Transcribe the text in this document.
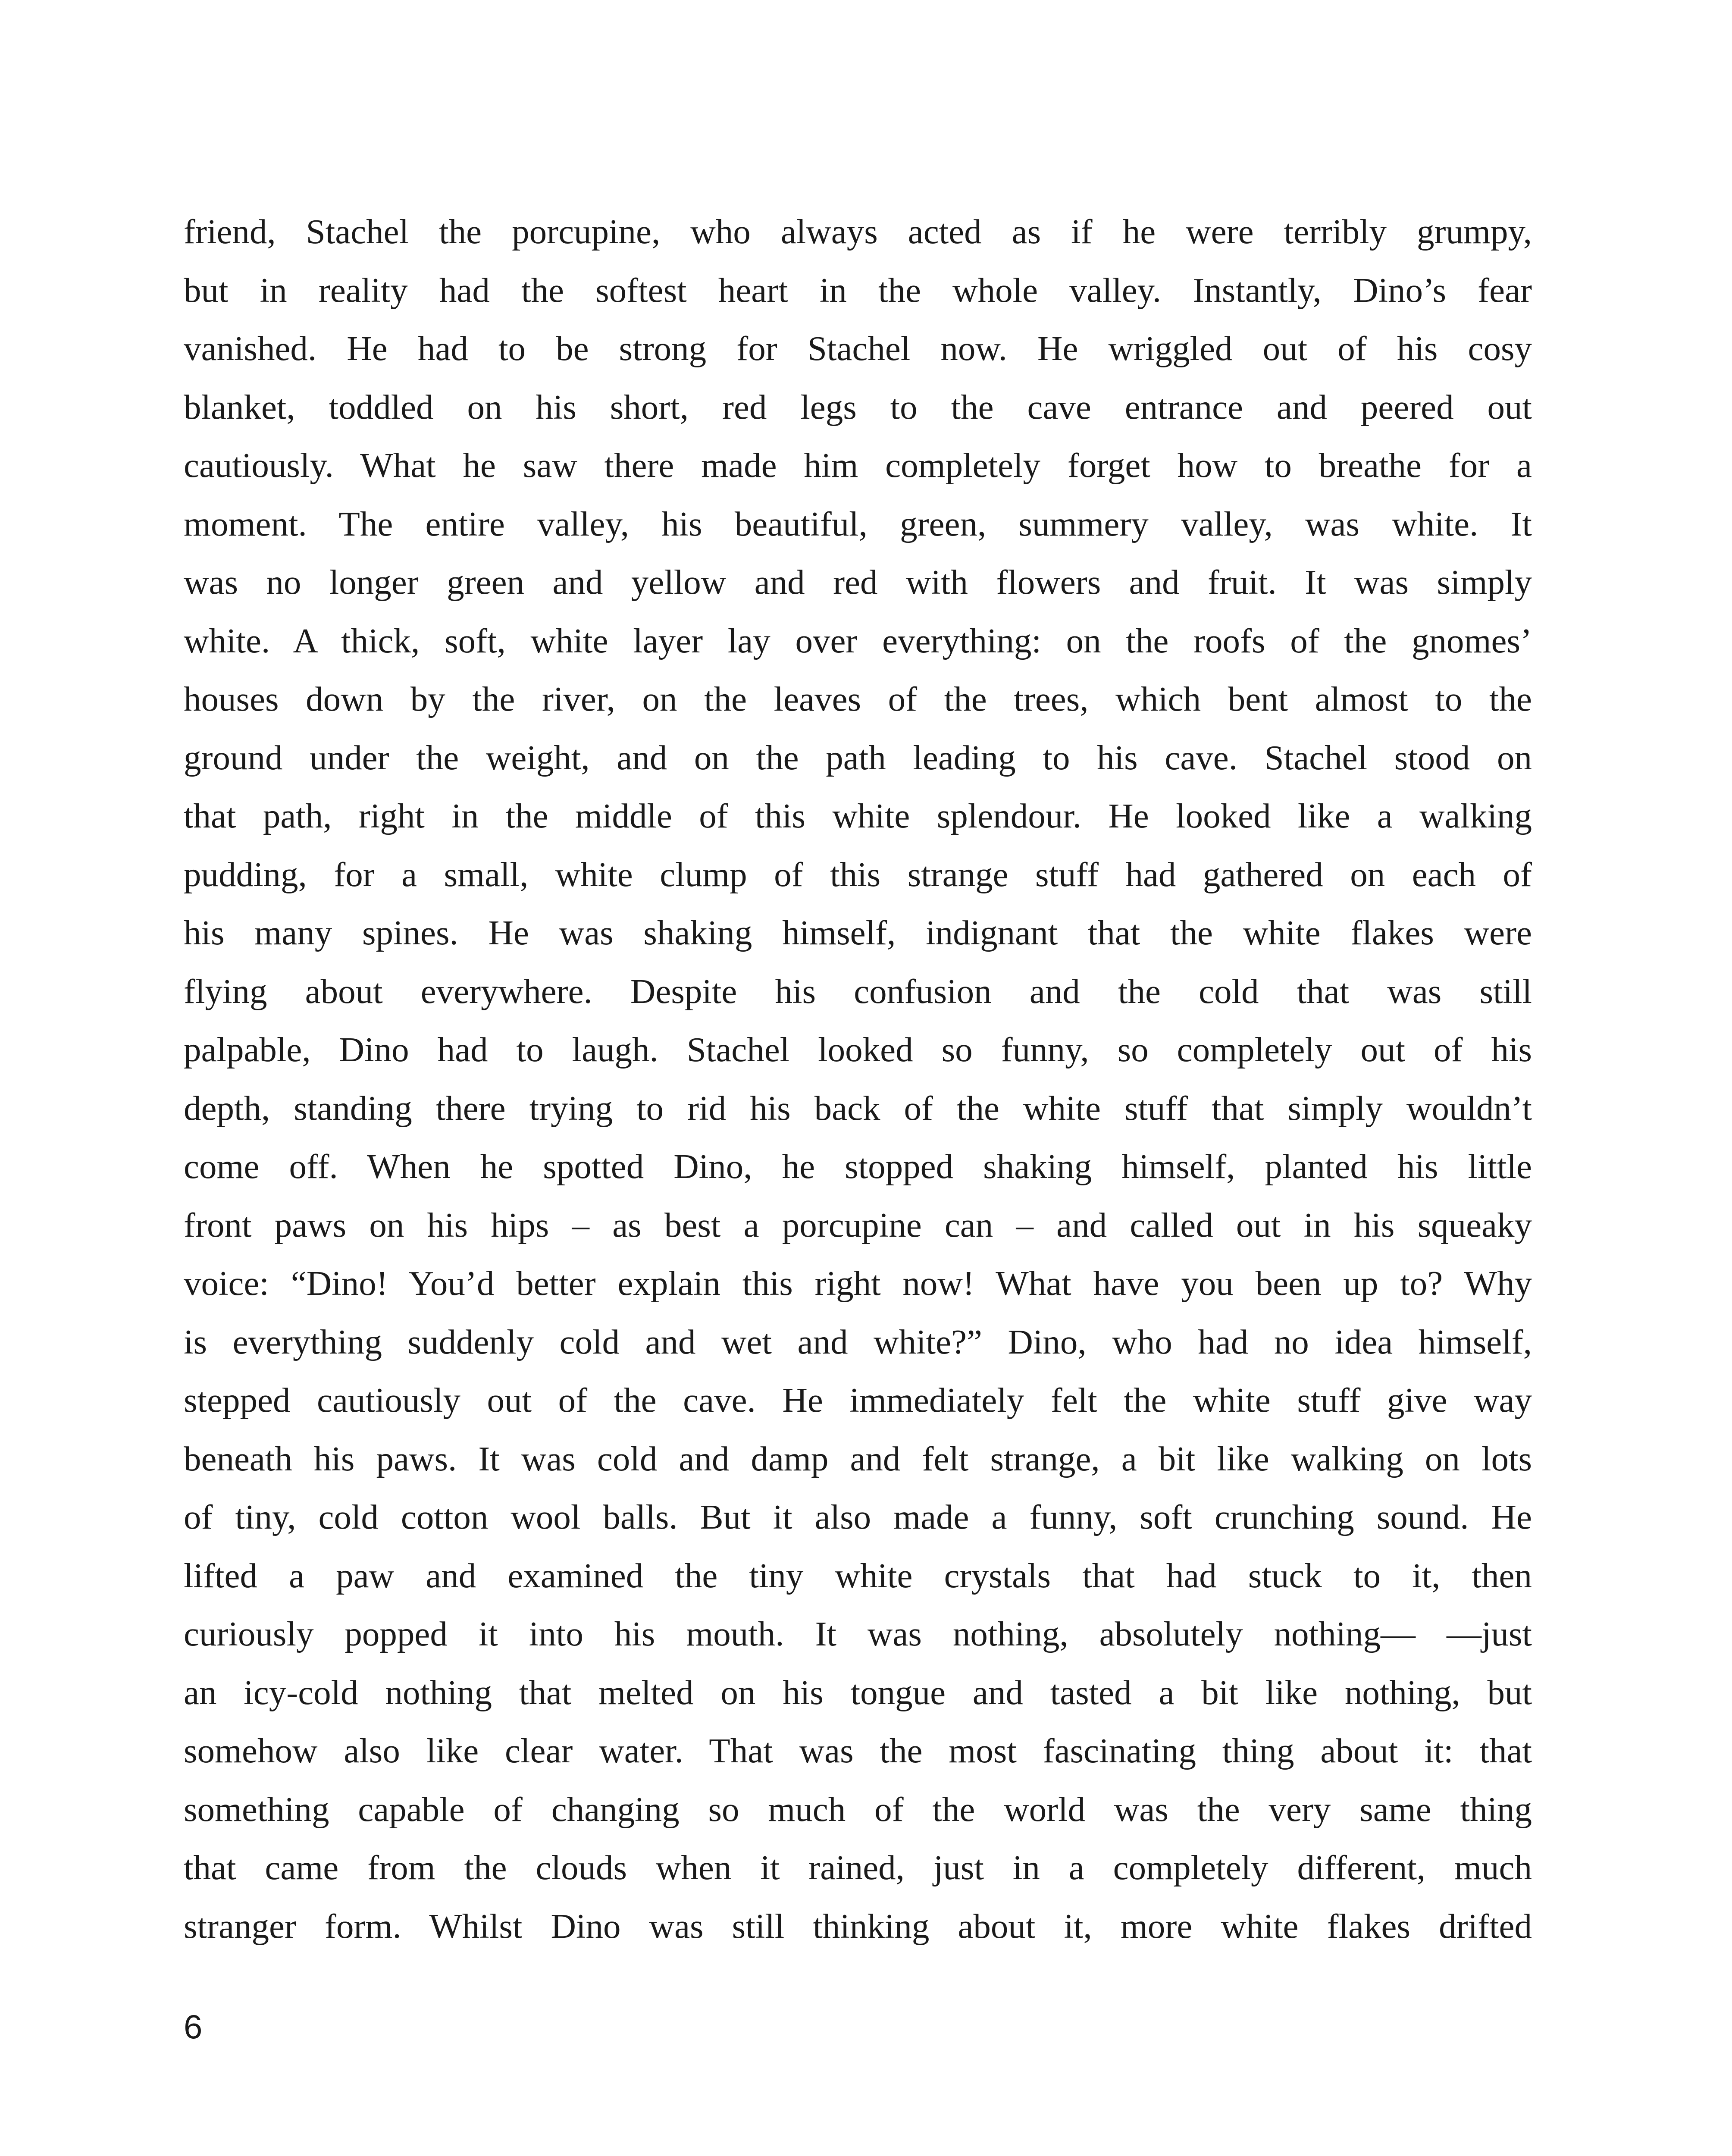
friend, Stachel the porcupine, who always acted as if he were terribly grumpy,
but in reality had the softest heart in the whole valley. Instantly, Dino’s fear
vanished. He had to be strong for Stachel now. He wriggled out of his cosy
blanket, toddled on his short, red legs to the cave entrance and peered out
cautiously. What he saw there made him completely forget how to breathe for a
moment. The entire valley, his beautiful, green, summery valley, was white. It
was no longer green and yellow and red with flowers and fruit. It was simply
white. A thick, soft, white layer lay over everything: on the roofs of the gnomes’
houses down by the river, on the leaves of the trees, which bent almost to the
ground under the weight, and on the path leading to his cave. Stachel stood on
that path, right in the middle of this white splendour. He looked like a walking
pudding, for a small, white clump of this strange stuff had gathered on each of
his many spines. He was shaking himself, indignant that the white flakes were
flying about everywhere. Despite his confusion and the cold that was still
palpable, Dino had to laugh. Stachel looked so funny, so completely out of his
depth, standing there trying to rid his back of the white stuff that simply wouldn’t
come off. When he spotted Dino, he stopped shaking himself, planted his little
front paws on his hips – as best a porcupine can – and called out in his squeaky
voice: “Dino! You’d better explain this right now! What have you been up to? Why
is everything suddenly cold and wet and white?” Dino, who had no idea himself,
stepped cautiously out of the cave. He immediately felt the white stuff give way
beneath his paws. It was cold and damp and felt strange, a bit like walking on lots
of tiny, cold cotton wool balls. But it also made a funny, soft crunching sound. He
lifted a paw and examined the tiny white crystals that had stuck to it, then
curiously popped it into his mouth. It was nothing, absolutely nothing— —just
an icy-cold nothing that melted on his tongue and tasted a bit like nothing, but
somehow also like clear water. That was the most fascinating thing about it: that
something capable of changing so much of the world was the very same thing
that came from the clouds when it rained, just in a completely different, much
stranger form. Whilst Dino was still thinking about it, more white flakes drifted
6
